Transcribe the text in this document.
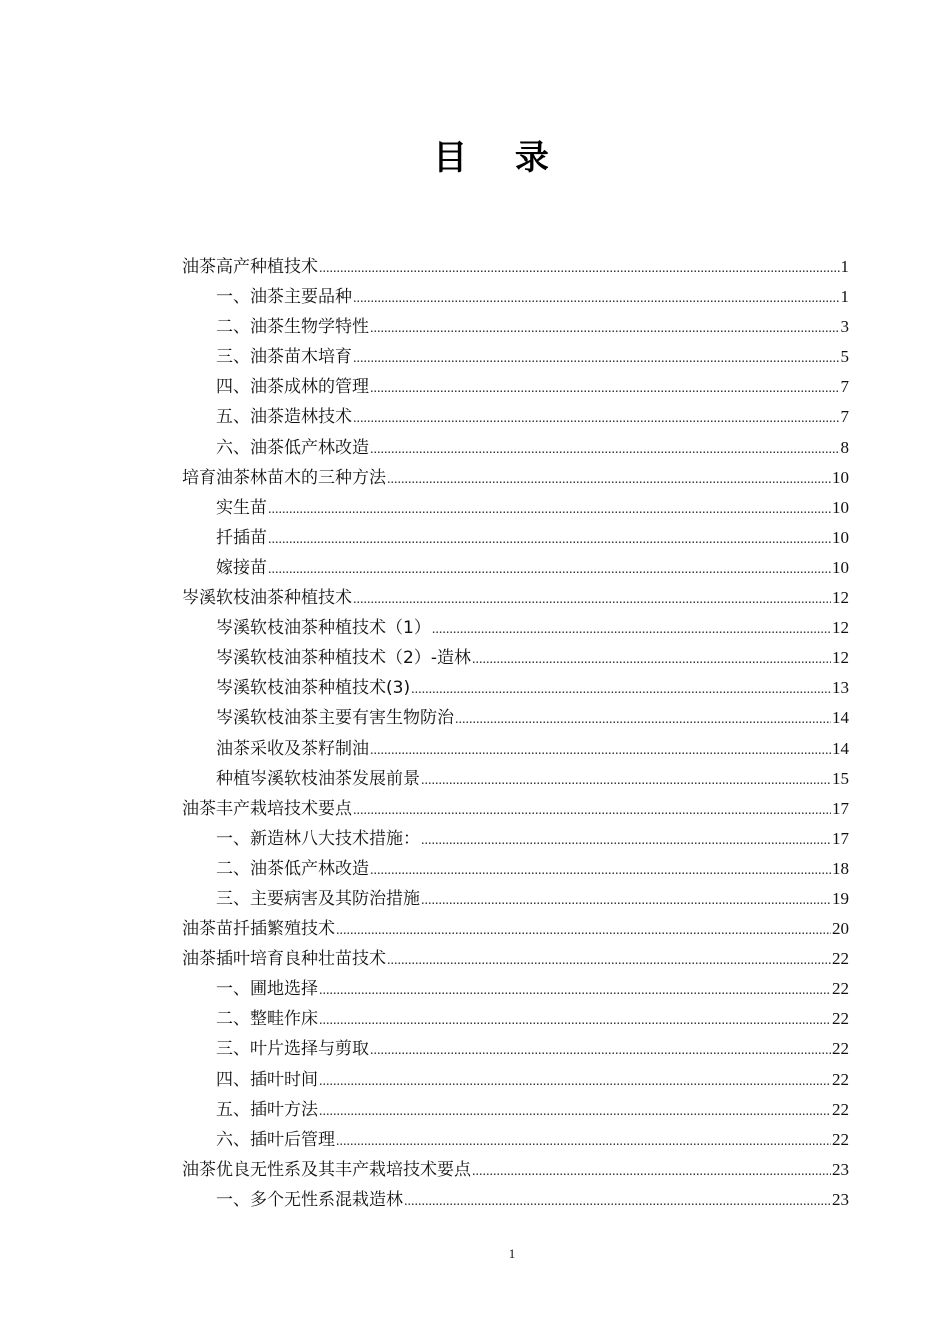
目 录
油茶高产种植技术 .....	1
一、油茶主要品种 .....	1
二、油茶生物学特性 .....	3
三、油茶苗木培育 .....	5
四、油茶成林的管理 .....	7
五、油茶造林技术 .....	7
六、油茶低产林改造 .....	8
培育油茶林苗木的三种方法 .....	10
实生苗 .....	10
扦插苗 .....	10
嫁接苗 .....	10
岑溪软枝油茶种植技术 .....	12
岑溪软枝油茶种植技术（1） .....	12
岑溪软枝油茶种植技术（2）-造林 .....	12
岑溪软枝油茶种植技术(3) .....	13
岑溪软枝油茶主要有害生物防治 .....	14
油茶采收及茶籽制油 .....	14
种植岑溪软枝油茶发展前景 .....	15
油茶丰产栽培技术要点 .....	17
一、新造林八大技术措施： .....	17
二、油茶低产林改造 .....	18
三、主要病害及其防治措施 .....	19
油茶苗扦插繁殖技术 .....	20
油茶插叶培育良种壮苗技术 .....	22
一、圃地选择 .....	22
二、整畦作床 .....	22
三、叶片选择与剪取 .....	22
四、插叶时间 .....	22
五、插叶方法 .....	22
六、插叶后管理 .....	22
油茶优良无性系及其丰产栽培技术要点 .....	23
一、多个无性系混栽造林 .....	23
1
